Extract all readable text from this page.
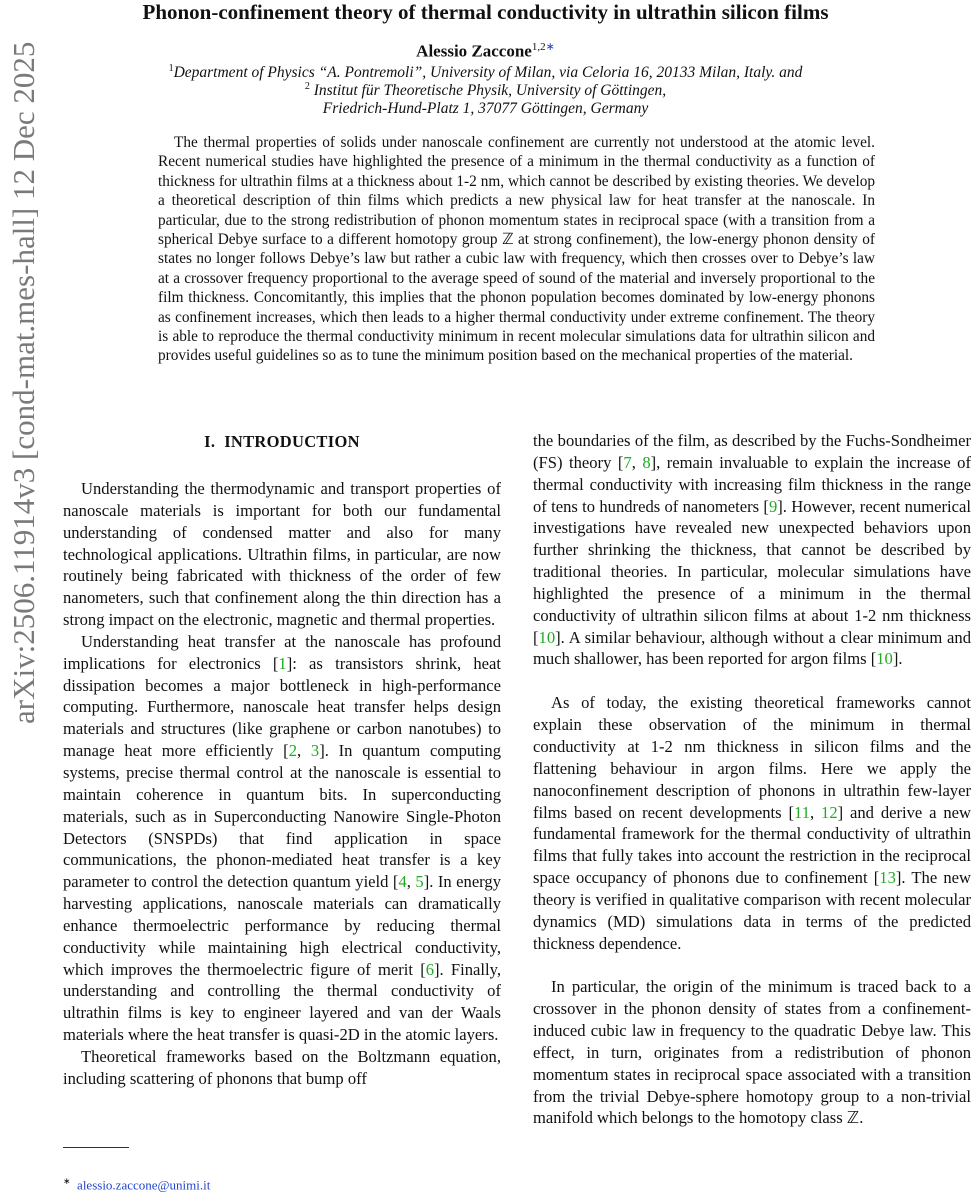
arXiv:2506.11914v3 [cond-mat.mes-hall] 12 Dec 2025
Phonon-confinement theory of thermal conductivity in ultrathin silicon films
Alessio Zaccone$^{1,2∗}$
$^1$Department of Physics “A. Pontremoli”, University of Milan, via Celoria 16, 20133 Milan, Italy. and
$^2$ Institut für Theoretische Physik, University of Göttingen,
Friedrich-Hund-Platz 1, 37077 Göttingen, Germany
The thermal properties of solids under nanoscale confinement are currently not understood at the atomic level. Recent numerical studies have highlighted the presence of a minimum in the thermal conductivity as a function of thickness for ultrathin films at a thickness about 1-2 nm, which cannot be described by existing theories. We develop a theoretical description of thin films which predicts a new physical law for heat transfer at the nanoscale. In particular, due to the strong redistribution of phonon momentum states in reciprocal space (with a transition from a spherical Debye surface to a different homotopy group ℤ at strong confinement), the low-energy phonon density of states no longer follows Debye’s law but rather a cubic law with frequency, which then crosses over to Debye’s law at a crossover frequency proportional to the average speed of sound of the material and inversely proportional to the film thickness. Concomitantly, this implies that the phonon population becomes dominated by low-energy phonons as confinement increases, which then leads to a higher thermal conductivity under extreme confinement. The theory is able to reproduce the thermal conductivity minimum in recent molecular simulations data for ultrathin silicon and provides useful guidelines so as to tune the minimum position based on the mechanical properties of the material.
I. INTRODUCTION

Understanding the thermodynamic and transport properties of nanoscale materials is important for both our fundamental understanding of condensed matter and also for many technological applications. Ultrathin films, in particular, are now routinely being fabricated with thickness of the order of few nanometers, such that confinement along the thin direction has a strong impact on the electronic, magnetic and thermal properties.

Understanding heat transfer at the nanoscale has profound implications for electronics [1]: as transistors shrink, heat dissipation becomes a major bottleneck in high-performance computing. Furthermore, nanoscale heat transfer helps design materials and structures (like graphene or carbon nanotubes) to manage heat more efficiently [2, 3]. In quantum computing systems, precise thermal control at the nanoscale is essential to maintain coherence in quantum bits. In superconducting materials, such as in Superconducting Nanowire Single-Photon Detectors (SNSPDs) that find application in space communications, the phonon-mediated heat transfer is a key parameter to control the detection quantum yield [4, 5]. In energy harvesting applications, nanoscale materials can dramatically enhance thermoelectric performance by reducing thermal conductivity while maintaining high electrical conductivity, which improves the thermoelectric figure of merit [6]. Finally, understanding and controlling the thermal conductivity of ultrathin films is key to engineer layered and van der Waals materials where the heat transfer is quasi-2D in the atomic layers.

Theoretical frameworks based on the Boltzmann equation, including scattering of phonons that bump off

the boundaries of the film, as described by the Fuchs-Sondheimer (FS) theory [7, 8], remain invaluable to explain the increase of thermal conductivity with increasing film thickness in the range of tens to hundreds of nanometers [9]. However, recent numerical investigations have revealed new unexpected behaviors upon further shrinking the thickness, that cannot be described by traditional theories. In particular, molecular simulations have highlighted the presence of a minimum in the thermal conductivity of ultrathin silicon films at about 1-2 nm thickness [10]. A similar behaviour, although without a clear minimum and much shallower, has been reported for argon films [10].

As of today, the existing theoretical frameworks cannot explain these observation of the minimum in thermal conductivity at 1-2 nm thickness in silicon films and the flattening behaviour in argon films. Here we apply the nanoconfinement description of phonons in ultrathin few-layer films based on recent developments [11, 12] and derive a new fundamental framework for the thermal conductivity of ultrathin films that fully takes into account the restriction in the reciprocal space occupancy of phonons due to confinement [13]. The new theory is verified in qualitative comparison with recent molecular dynamics (MD) simulations data in terms of the predicted thickness dependence.

In particular, the origin of the minimum is traced back to a crossover in the phonon density of states from a confinement-induced cubic law in frequency to the quadratic Debye law. This effect, in turn, originates from a redistribution of phonon momentum states in reciprocal space associated with a transition from the trivial Debye-sphere homotopy group to a non-trivial manifold which belongs to the homotopy class ℤ.

∗ alessio.zaccone@unimi.it
